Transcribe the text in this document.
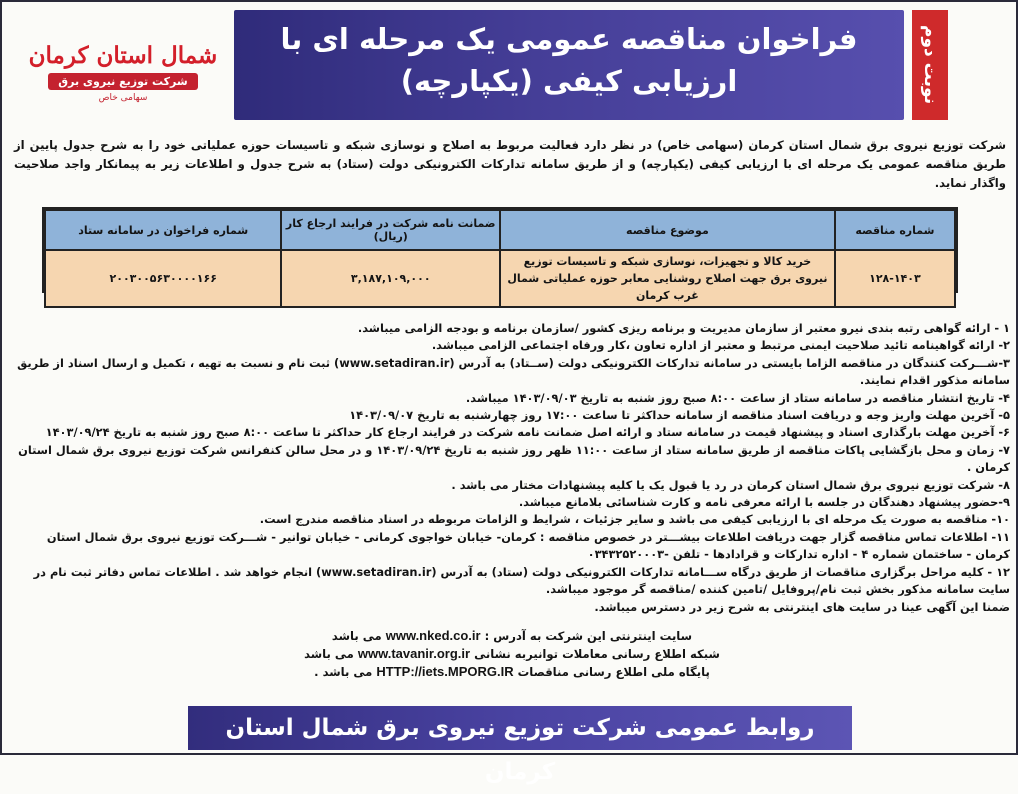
شمال استان کرمان
شرکت توزیع نیروی برق
سهامی خاص
فراخوان مناقصه عمومی یک مرحله ای با
ارزیابی کیفی (یکپارچه)	نوبت دوم
شرکت توزیع نیروی برق شمال استان کرمان (سهامی خاص) در نظر دارد فعالیت مربوط به اصلاح و نوسازی شبکه و تاسیسات حوزه عملیاتی خود را به شرح جدول پایین از طریق مناقصه عمومی یک مرحله ای با ارزیابی کیفی (یکپارچه) و از طریق سامانه تدارکات الکترونیکی دولت (ستاد) به شرح جدول و اطلاعات زیر به پیمانکار واجد صلاحیت واگذار نماید.
شماره مناقصه	موضوع مناقصه	ضمانت نامه شرکت در فرایند ارجاع کار (ریال)	شماره فراخوان در سامانه ستاد
۱۲۸-۱۴۰۳	خرید کالا و تجهیزات، نوسازی شبکه و تاسیسات توزیع نیروی برق جهت اصلاح روشنایی معابر حوزه عملیاتی شمال غرب کرمان	۳,۱۸۷,۱۰۹,۰۰۰	۲۰۰۳۰۰۵۶۳۰۰۰۰۱۶۶
۱ - ارائه گواهی رتبه بندی نیرو معتبر از سازمان مدیریت و برنامه ریزی کشور /سازمان برنامه و بودجه الزامی میباشد.
۲- ارائه گواهینامه تائید صلاحیت ایمنی مرتبط و معتبر از اداره تعاون ،کار ورفاه اجتماعی الزامی میباشد.
۳-شـــرکت کنندگان در مناقصه الزاما بایستی در سامانه تدارکات الکترونیکی دولت (ســتاد) به آدرس (www.setadiran.ir) ثبت نام و نسبت به تهیه ، تکمیل و ارسال اسناد از طریق سامانه مذکور اقدام نمایند.
۴- تاریخ انتشار مناقصه در سامانه ستاد از ساعت ۸:۰۰ صبح روز شنبه به تاریخ ۱۴۰۳/۰۹/۰۳ میباشد.
۵- آخرین مهلت واریز وجه و دریافت اسناد مناقصه از سامانه حداکثر تا ساعت ۱۷:۰۰ روز چهارشنبه به تاریخ ۱۴۰۳/۰۹/۰۷
۶- آخرین مهلت بارگذاری اسناد و پیشنهاد قیمت در سامانه ستاد و ارائه اصل ضمانت نامه شرکت در فرایند ارجاع کار حداکثر تا ساعت ۸:۰۰ صبح روز شنبه به تاریخ ۱۴۰۳/۰۹/۲۴
۷- زمان و محل بازگشایی پاکات مناقصه از طریق سامانه ستاد از ساعت ۱۱:۰۰ ظهر روز شنبه به تاریخ ۱۴۰۳/۰۹/۲۴ و در محل سالن کنفرانس شرکت توزیع نیروی برق شمال استان کرمان .
۸- شرکت توزیع نیروی برق شمال استان کرمان در رد یا قبول یک یا کلیه پیشنهادات مختار می باشد .
۹-حضور پیشنهاد دهندگان در جلسه با ارائه معرفی نامه و کارت شناسائی بلامانع میباشد.
۱۰- مناقصه به صورت یک مرحله ای با ارزیابی کیفی می باشد و سایر جزئیات ، شرایط و الزامات مربوطه در اسناد مناقصه مندرج است.
۱۱- اطلاعات تماس مناقصه گزار جهت دریافت اطلاعات بیشـــتر در خصوص مناقصه : کرمان- خیابان خواجوی کرمانی - خیابان توانیر - شـــرکت توزیع نیروی برق شمال استان کرمان - ساختمان شماره ۴ - اداره تدارکات و قرادادها - تلفن -۰۳۴۳۲۵۲۰۰۰۳
۱۲ - کلیه مراحل برگزاری مناقصات از طریق درگاه ســـامانه تدارکات الکترونیکی دولت (ستاد) به آدرس (www.setadiran.ir) انجام خواهد شد . اطلاعات تماس دفاتر ثبت نام در سایت سامانه مذکور بخش ثبت نام/پروفایل /تامین کننده /مناقصه گر موجود میباشد.
ضمنا این آگهی عینا در سایت های اینترنتی به شرح زیر در دسترس میباشد.
سایت اینترنتی این شرکت به آدرس : www.nked.co.ir می باشد
شبکه اطلاع رسانی معاملات توانیربه نشانی www.tavanir.org.ir می باشد
پایگاه ملی اطلاع رسانی مناقصات HTTP://iets.MPORG.IR می باشد .
روابط عمومی شرکت توزیع نیروی برق شمال استان کرمان
